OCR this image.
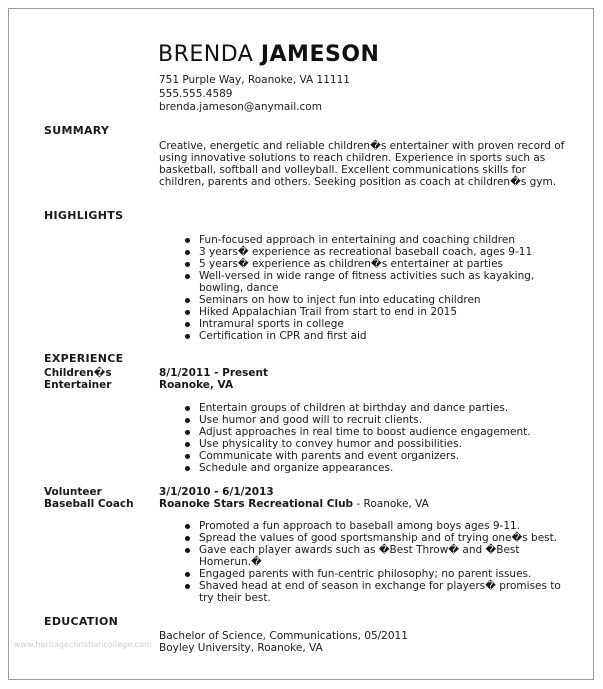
BRENDA JAMESON
751 Purple Way, Roanoke, VA 11111
555.555.4589
brenda.jameson@anymail.com
SUMMARY
Creative, energetic and reliable children�s entertainer with proven record of using innovative solutions to reach children. Experience in sports such as basketball, softball and volleyball. Excellent communications skills for children, parents and others. Seeking position as coach at children�s gym.
HIGHLIGHTS
Fun-focused approach in entertaining and coaching children
3 years� experience as recreational baseball coach, ages 9-11
5 years� experience as children�s entertainer at parties
Well-versed in wide range of fitness activities such as kayaking, bowling, dance
Seminars on how to inject fun into educating children
Hiked Appalachian Trail from start to end in 2015
Intramural sports in college
Certification in CPR and first aid
EXPERIENCE
Children�s Entertainer
8/1/2011 - Present
Roanoke, VA
Entertain groups of children at birthday and dance parties.
Use humor and good will to recruit clients.
Adjust approaches in real time to boost audience engagement.
Use physicality to convey humor and possibilities.
Communicate with parents and event organizers.
Schedule and organize appearances.
Volunteer Baseball Coach
3/1/2010 - 6/1/2013
Roanoke Stars Recreational Club - Roanoke, VA
Promoted a fun approach to baseball among boys ages 9-11.
Spread the values of good sportsmanship and of trying one�s best.
Gave each player awards such as �Best Throw� and �Best Homerun.�
Engaged parents with fun-centric philosophy; no parent issues.
Shaved head at end of season in exchange for players� promises to try their best.
EDUCATION
Bachelor of Science, Communications, 05/2011
Boyley University, Roanoke, VA
www.heritagechristiancollege.com
